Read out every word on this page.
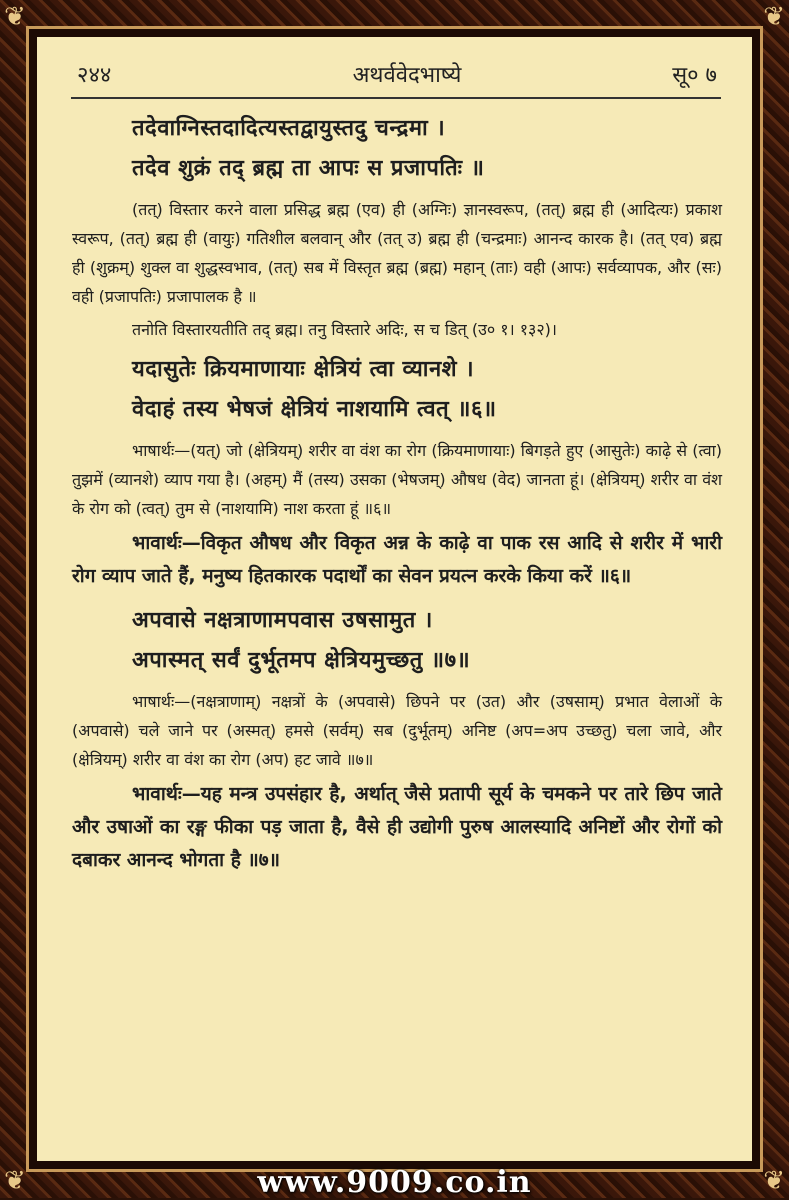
❦	❦
❦	❦
२४४	अथर्ववेदभाष्ये	सू० ७
तदेवाग्निस्तदादित्यस्तद्वायुस्तदु चन्द्रमा ।
तदेव शुक्रं तद् ब्रह्म ता आपः स प्रजापतिः ॥

(तत्) विस्तार करने वाला प्रसिद्ध ब्रह्म (एव) ही (अग्निः) ज्ञानस्वरूप, (तत्) ब्रह्म ही (आदित्यः) प्रकाश स्वरूप, (तत्) ब्रह्म ही (वायुः) गतिशील बलवान् और (तत् उ) ब्रह्म ही (चन्द्रमाः) आनन्द कारक है। (तत् एव) ब्रह्म ही (शुक्रम्) शुक्ल वा शुद्धस्वभाव, (तत्) सब में विस्तृत ब्रह्म (ब्रह्म) महान् (ताः) वही (आपः) सर्वव्यापक, और (सः) वही (प्रजापतिः) प्रजापालक है ॥

तनोति विस्तारयतीति तद् ब्रह्म। तनु विस्तारे अदिः, स च डित् (उ० १। १३२)।

यदासुतेः क्रियमाणायाः क्षेत्रियं त्वा व्यानशे ।
वेदाहं तस्य भेषजं क्षेत्रियं नाशयामि त्वत् ॥६॥

भाषार्थः—(यत्) जो (क्षेत्रियम्) शरीर वा वंश का रोग (क्रियमाणायाः) बिगड़ते हुए (आसुतेः) काढ़े से (त्वा) तुझमें (व्यानशे) व्याप गया है। (अहम्) मैं (तस्य) उसका (भेषजम्) औषध (वेद) जानता हूं। (क्षेत्रियम्) शरीर वा वंश के रोग को (त्वत्) तुम से (नाशयामि) नाश करता हूं ॥६॥

भावार्थः—विकृत औषध और विकृत अन्न के काढ़े वा पाक रस आदि से शरीर में भारी रोग व्याप जाते हैं, मनुष्य हितकारक पदार्थों का सेवन प्रयत्न करके किया करें ॥६॥

अपवासे नक्षत्राणामपवास उषसामुत ।
अपास्मत् सर्वं दुर्भूतमप क्षेत्रियमुच्छतु ॥७॥

भाषार्थः—(नक्षत्राणाम्) नक्षत्रों के (अपवासे) छिपने पर (उत) और (उषसाम्) प्रभात वेलाओं के (अपवासे) चले जाने पर (अस्मत्) हमसे (सर्वम्) सब (दुर्भूतम्) अनिष्ट (अप=अप उच्छतु) चला जावे, और (क्षेत्रियम्) शरीर वा वंश का रोग (अप) हट जावे ॥७॥

भावार्थः—यह मन्त्र उपसंहार है, अर्थात् जैसे प्रतापी सूर्य के चमकने पर तारे छिप जाते और उषाओं का रङ्ग फीका पड़ जाता है, वैसे ही उद्योगी पुरुष आलस्यादि अनिष्टों और रोगों को दबाकर आनन्द भोगता है ॥७॥

www.9009.co.in
